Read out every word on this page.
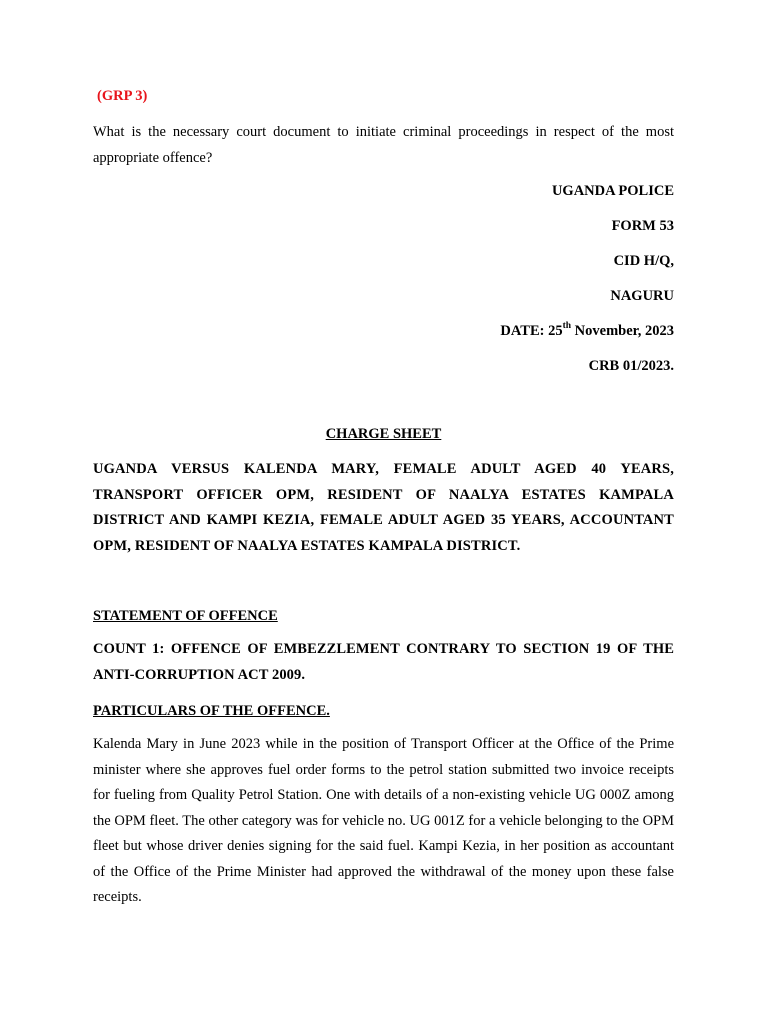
(GRP 3)
What is the necessary court document to initiate criminal proceedings in respect of the most appropriate offence?
UGANDA POLICE
FORM 53
CID H/Q,
NAGURU
DATE: 25th November, 2023
CRB 01/2023.
CHARGE SHEET
UGANDA VERSUS KALENDA MARY, FEMALE ADULT AGED 40 YEARS, TRANSPORT OFFICER OPM, RESIDENT OF NAALYA ESTATES KAMPALA DISTRICT AND KAMPI KEZIA, FEMALE ADULT AGED 35 YEARS, ACCOUNTANT OPM, RESIDENT OF NAALYA ESTATES KAMPALA DISTRICT.
STATEMENT OF OFFENCE
COUNT 1: OFFENCE OF EMBEZZLEMENT CONTRARY TO SECTION 19 OF THE ANTI-CORRUPTION ACT 2009.
PARTICULARS OF THE OFFENCE.
Kalenda Mary in June 2023 while in the position of Transport Officer at the Office of the Prime minister where she approves fuel order forms to the petrol station submitted two invoice receipts for fueling from Quality Petrol Station. One with details of a non-existing vehicle UG 000Z among the OPM fleet. The other category was for vehicle no. UG 001Z for a vehicle belonging to the OPM fleet but whose driver denies signing for the said fuel. Kampi Kezia, in her position as accountant of the Office of the Prime Minister had approved the withdrawal of the money upon these false receipts.
